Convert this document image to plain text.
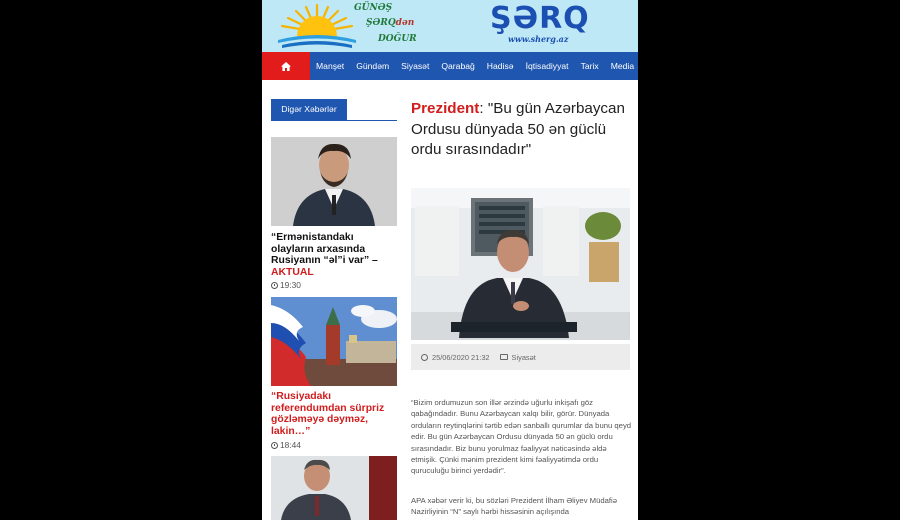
GÜNƏŞ
ŞƏRQdən
DOĞUR
ŞƏRQ
www.sherg.az
Manşet	Gündəm	Siyasət	Qarabağ	Hadisə	İqtisadiyyat	Tarix	Media
Digər Xəbərlər
“Ermənistandakı olayların arxasında Rusiyanın “əl”i var” – AKTUAL
19:30
“Rusiyadakı referendumdan sürpriz gözləməyə dəyməz, lakin…”
18:44
Prezident: "Bu gün Azərbaycan Ordusu dünyada 50 ən güclü ordu sırasındadır"
25/06/2020 21:32	Siyasət
“Bizim ordumuzun son illər ərzində uğurlu inkişafı göz qabağındadır. Bunu Azərbaycan xalqı bilir, görür. Dünyada orduların reytinqlərini tərtib edən sanballı qurumlar da bunu qeyd edir. Bu gün Azərbaycan Ordusu dünyada 50 ən güclü ordu sırasındadır. Biz bunu yorulmaz fəaliyyət nəticəsində əldə etmişik. Çünki mənim prezident kimi fəaliyyətimdə ordu quruculuğu birinci yerdədir”.
APA xəbər verir ki, bu sözləri Prezident İlham Əliyev Müdafiə Nazirliyinin “N” saylı hərbi hissəsinin açılışında
